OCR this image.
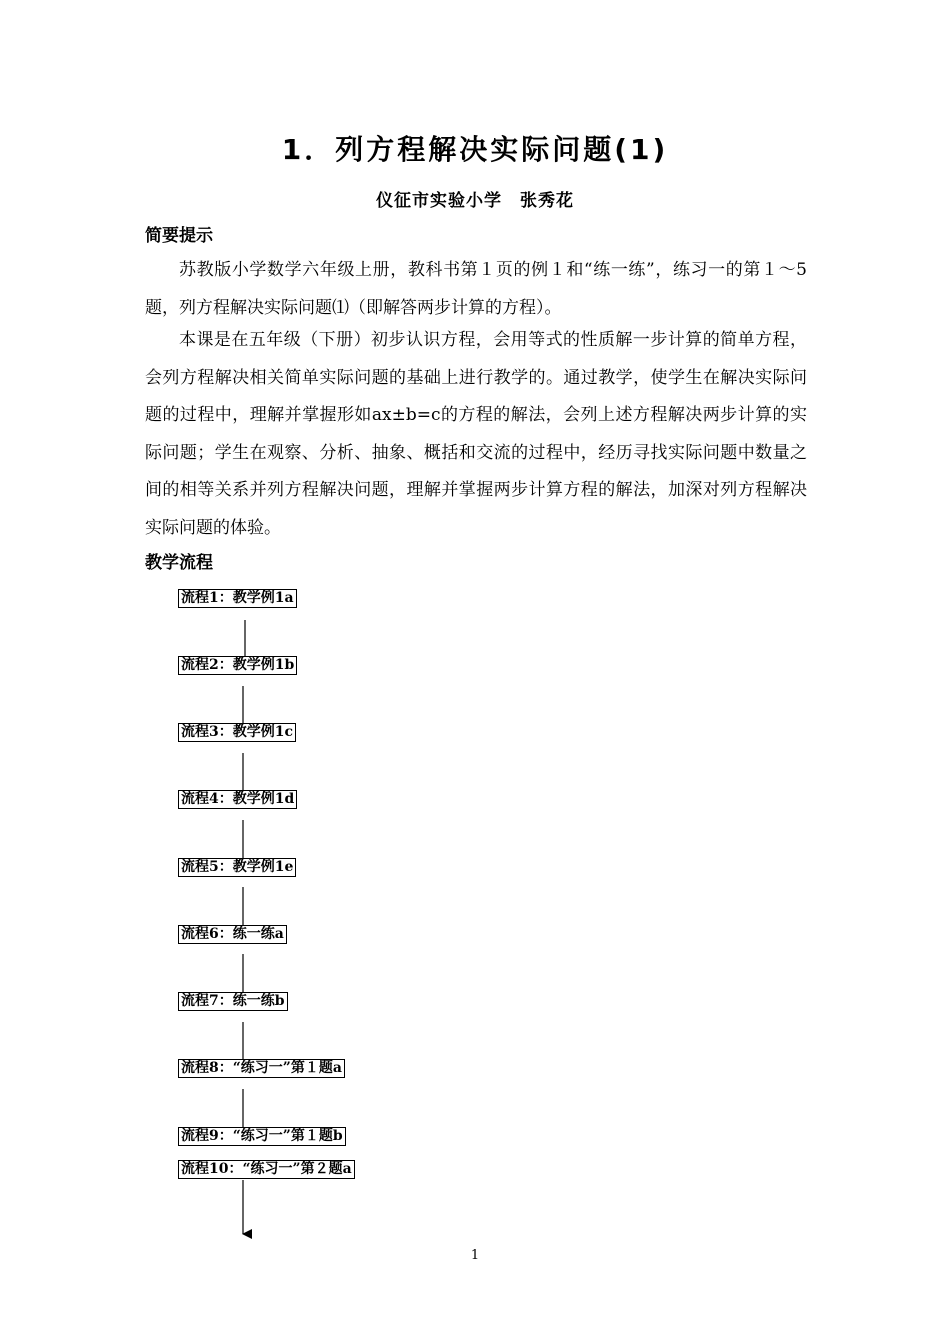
1．列方程解决实际问题(1)

仪征市实验小学　张秀花

简要提示

苏教版小学数学六年级上册，教科书第１页的例１和“练一练”，练习一的第１～5题，列方程解决实际问题⑴（即解答两步计算的方程）。

本课是在五年级（下册）初步认识方程，会用等式的性质解一步计算的简单方程，会列方程解决相关简单实际问题的基础上进行教学的。通过教学，使学生在解决实际问题的过程中，理解并掌握形如ax±b=c的方程的解法，会列上述方程解决两步计算的实际问题；学生在观察、分析、抽象、概括和交流的过程中，经历寻找实际问题中数量之间的相等关系并列方程解决问题，理解并掌握两步计算方程的解法，加深对列方程解决实际问题的体验。

教学流程

流程1：教学例1a
流程2：教学例1b
流程3：教学例1c
流程4：教学例1d
流程5：教学例1e
流程6：练一练a
流程7：练一练b
流程8：“练习一”第１题a
流程9：“练习一”第１题b
流程10：“练习一”第２题a

1
